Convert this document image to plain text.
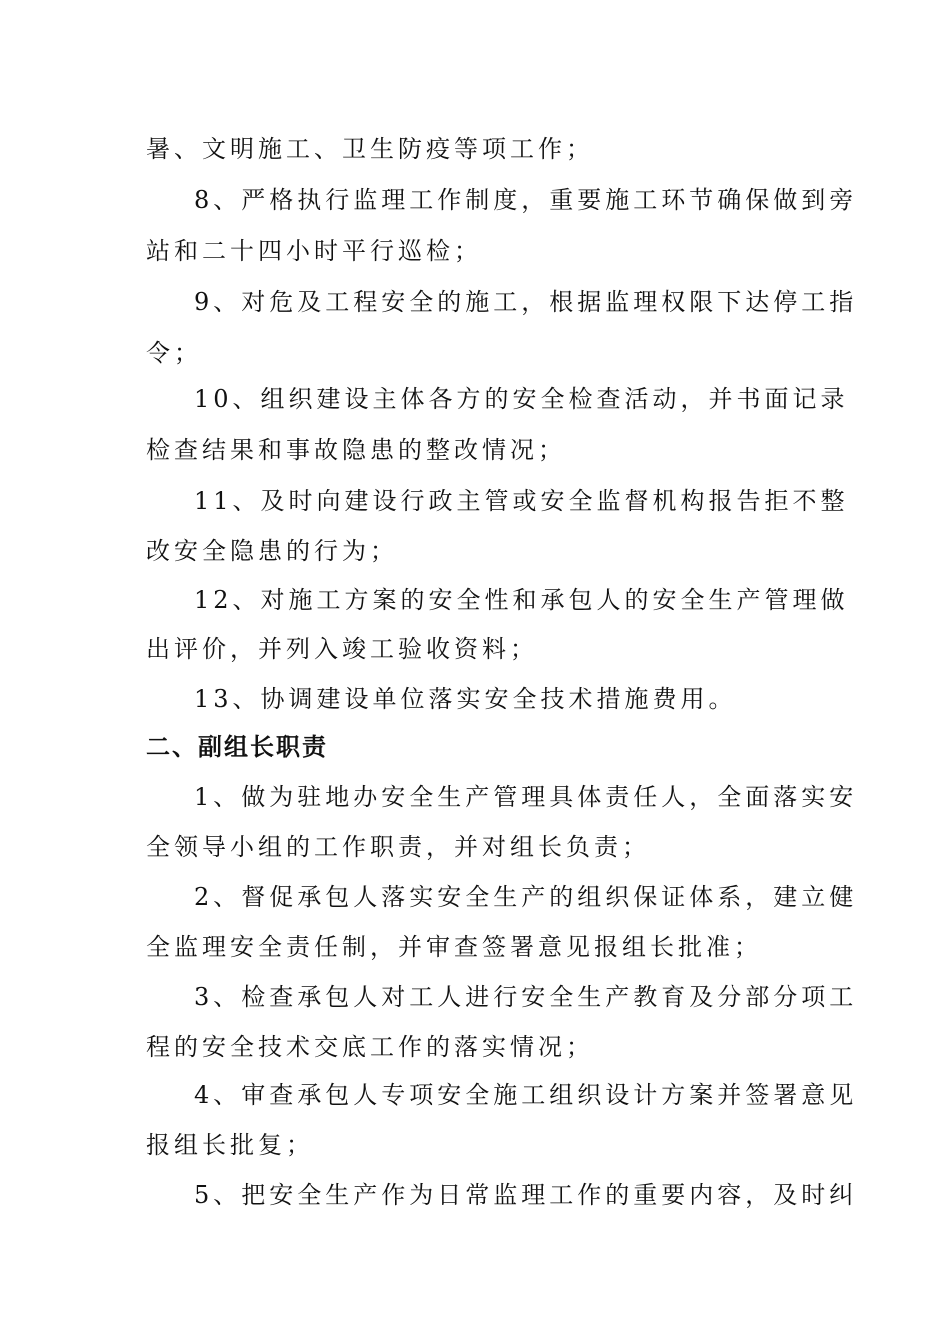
暑、文明施工、卫生防疫等项工作；
8、严格执行监理工作制度，重要施工环节确保做到旁
站和二十四小时平行巡检；
9、对危及工程安全的施工，根据监理权限下达停工指
令；
10、组织建设主体各方的安全检查活动，并书面记录
检查结果和事故隐患的整改情况；
11、及时向建设行政主管或安全监督机构报告拒不整
改安全隐患的行为；
12、对施工方案的安全性和承包人的安全生产管理做
出评价，并列入竣工验收资料；
13、协调建设单位落实安全技术措施费用。
二、副组长职责
1、做为驻地办安全生产管理具体责任人，全面落实安
全领导小组的工作职责，并对组长负责；
2、督促承包人落实安全生产的组织保证体系，建立健
全监理安全责任制，并审查签署意见报组长批准；
3、检查承包人对工人进行安全生产教育及分部分项工
程的安全技术交底工作的落实情况；
4、审查承包人专项安全施工组织设计方案并签署意见
报组长批复；
5、把安全生产作为日常监理工作的重要内容，及时纠
